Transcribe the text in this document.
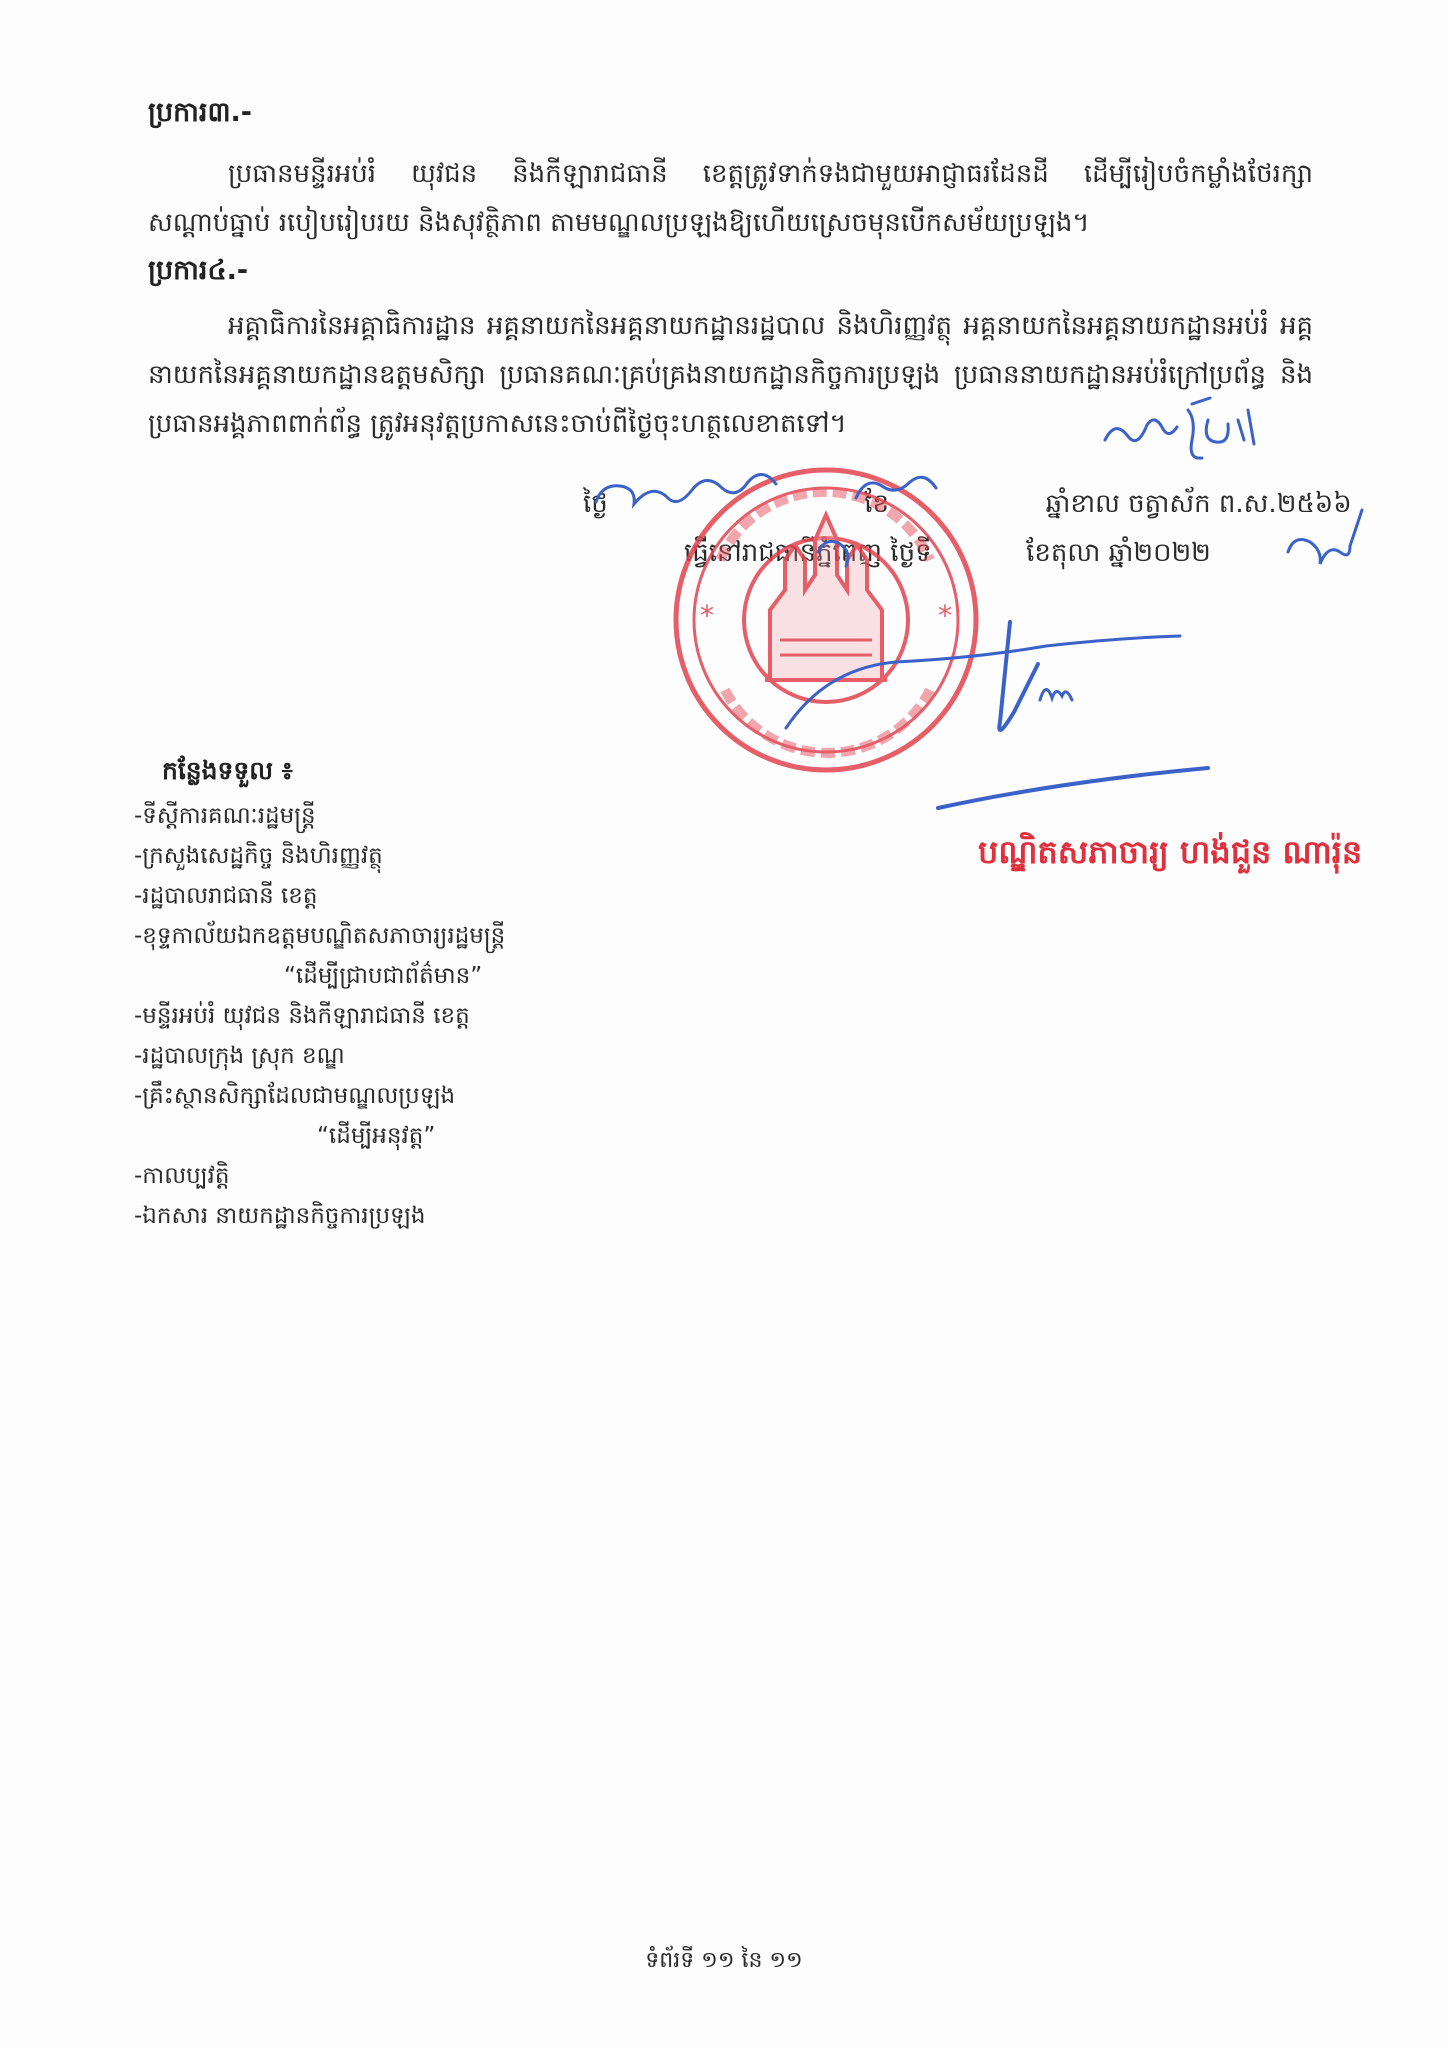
ប្រការ៣.-
ប្រធានមន្ទីរអប់រំ យុវជន និងកីឡារាជធានី ខេត្តត្រូវទាក់ទងជាមួយអាជ្ញាធរដែនដី ដើម្បីរៀបចំកម្លាំងថែរក្សាសណ្តាប់ធ្នាប់ របៀបរៀបរយ និងសុវត្ថិភាព តាមមណ្ឌលប្រឡងឱ្យហើយស្រេចមុនបើកសម័យប្រឡង។
ប្រការ៤.-
អគ្គាធិការនៃអគ្គាធិការដ្ឋាន អគ្គនាយកនៃអគ្គនាយកដ្ឋានរដ្ឋបាល និងហិរញ្ញវត្ថុ អគ្គនាយកនៃអគ្គនាយកដ្ឋានអប់រំ អគ្គនាយកនៃអគ្គនាយកដ្ឋានឧត្តមសិក្សា ប្រធានគណៈគ្រប់គ្រងនាយកដ្ឋានកិច្ចការប្រឡង ប្រធាននាយកដ្ឋានអប់រំក្រៅប្រព័ន្ធ និងប្រធានអង្គភាពពាក់ព័ន្ធ ត្រូវអនុវត្តប្រកាសនេះចាប់ពីថ្ងៃចុះហត្ថលេខាតទៅ។
ថ្ងៃ	ខែ	ឆ្នាំខាល ចត្វាស័ក ព.ស.២៥៦៦
ធ្វើនៅរាជធានីភ្នំពេញ ថ្ងៃទី	ខែតុលា ឆ្នាំ២០២២
កន្លែងទទួល ៖
-ទីស្តីការគណៈរដ្ឋមន្ត្រី
-ក្រសួងសេដ្ឋកិច្ច និងហិរញ្ញវត្ថុ
-រដ្ឋបាលរាជធានី ខេត្ត
-ខុទ្ទកាល័យឯកឧត្តមបណ្ឌិតសភាចារ្យរដ្ឋមន្ត្រី
“ដើម្បីជ្រាបជាព័ត៌មាន”
-មន្ទីរអប់រំ យុវជន និងកីឡារាជធានី ខេត្ត
-រដ្ឋបាលក្រុង ស្រុក ខណ្ឌ
-គ្រឹះស្ថានសិក្សាដែលជាមណ្ឌលប្រឡង
“ដើម្បីអនុវត្ត”
-កាលប្បវត្តិ
-ឯកសារ នាយកដ្ឋានកិច្ចការប្រឡង
បណ្ឌិតសភាចារ្យ ហង់ជួន ណារ៉ុន
ទំព័រទី ១១ នៃ ១១
*	*
